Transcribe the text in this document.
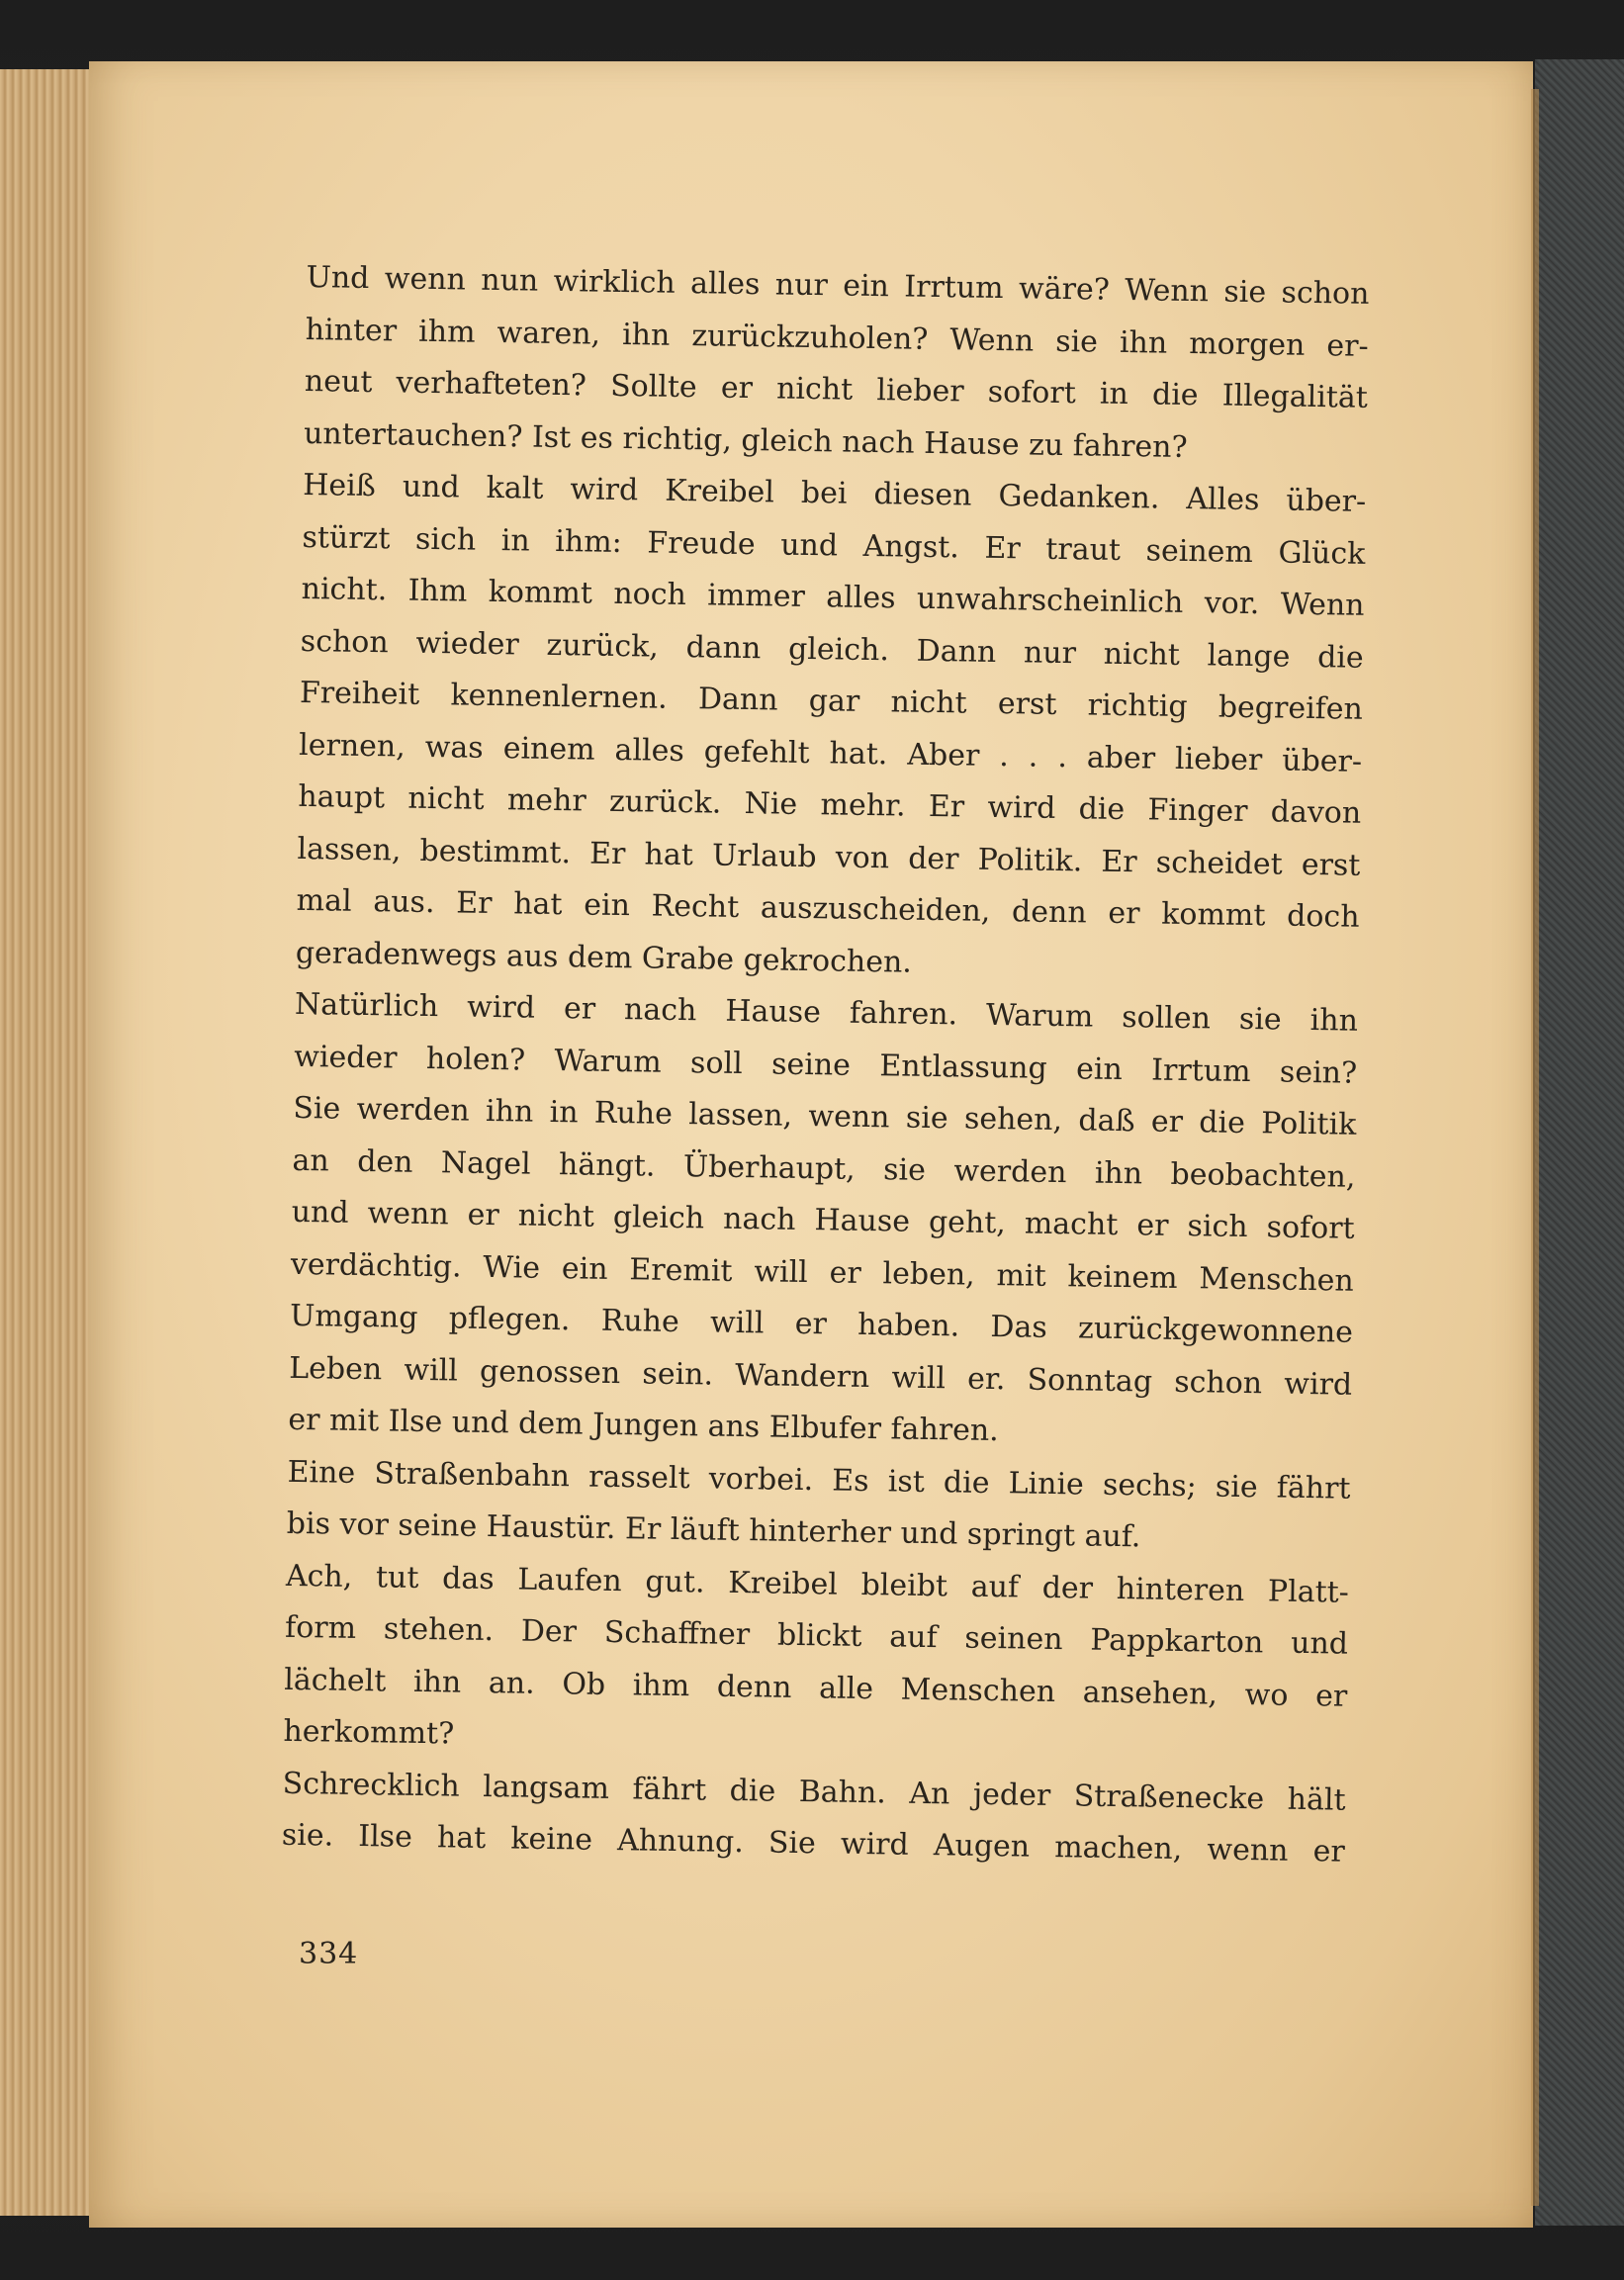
Und wenn nun wirklich alles nur ein Irrtum wäre? Wenn sie schon
hinter ihm waren, ihn zurückzuholen? Wenn sie ihn morgen er-
neut verhafteten? Sollte er nicht lieber sofort in die Illegalität
untertauchen? Ist es richtig, gleich nach Hause zu fahren?
Heiß und kalt wird Kreibel bei diesen Gedanken. Alles über-
stürzt sich in ihm: Freude und Angst. Er traut seinem Glück
nicht. Ihm kommt noch immer alles unwahrscheinlich vor. Wenn
schon wieder zurück, dann gleich. Dann nur nicht lange die
Freiheit kennenlernen. Dann gar nicht erst richtig begreifen
lernen, was einem alles gefehlt hat. Aber . . . aber lieber über-
haupt nicht mehr zurück. Nie mehr. Er wird die Finger davon
lassen, bestimmt. Er hat Urlaub von der Politik. Er scheidet erst
mal aus. Er hat ein Recht auszuscheiden, denn er kommt doch
geradenwegs aus dem Grabe gekrochen.
Natürlich wird er nach Hause fahren. Warum sollen sie ihn
wieder holen? Warum soll seine Entlassung ein Irrtum sein?
Sie werden ihn in Ruhe lassen, wenn sie sehen, daß er die Politik
an den Nagel hängt. Überhaupt, sie werden ihn beobachten,
und wenn er nicht gleich nach Hause geht, macht er sich sofort
verdächtig. Wie ein Eremit will er leben, mit keinem Menschen
Umgang pflegen. Ruhe will er haben. Das zurückgewonnene
Leben will genossen sein. Wandern will er. Sonntag schon wird
er mit Ilse und dem Jungen ans Elbufer fahren.
Eine Straßenbahn rasselt vorbei. Es ist die Linie sechs; sie fährt
bis vor seine Haustür. Er läuft hinterher und springt auf.
Ach, tut das Laufen gut. Kreibel bleibt auf der hinteren Platt-
form stehen. Der Schaffner blickt auf seinen Pappkarton und
lächelt ihn an. Ob ihm denn alle Menschen ansehen, wo er
herkommt?
Schrecklich langsam fährt die Bahn. An jeder Straßenecke hält
sie. Ilse hat keine Ahnung. Sie wird Augen machen, wenn er
334
